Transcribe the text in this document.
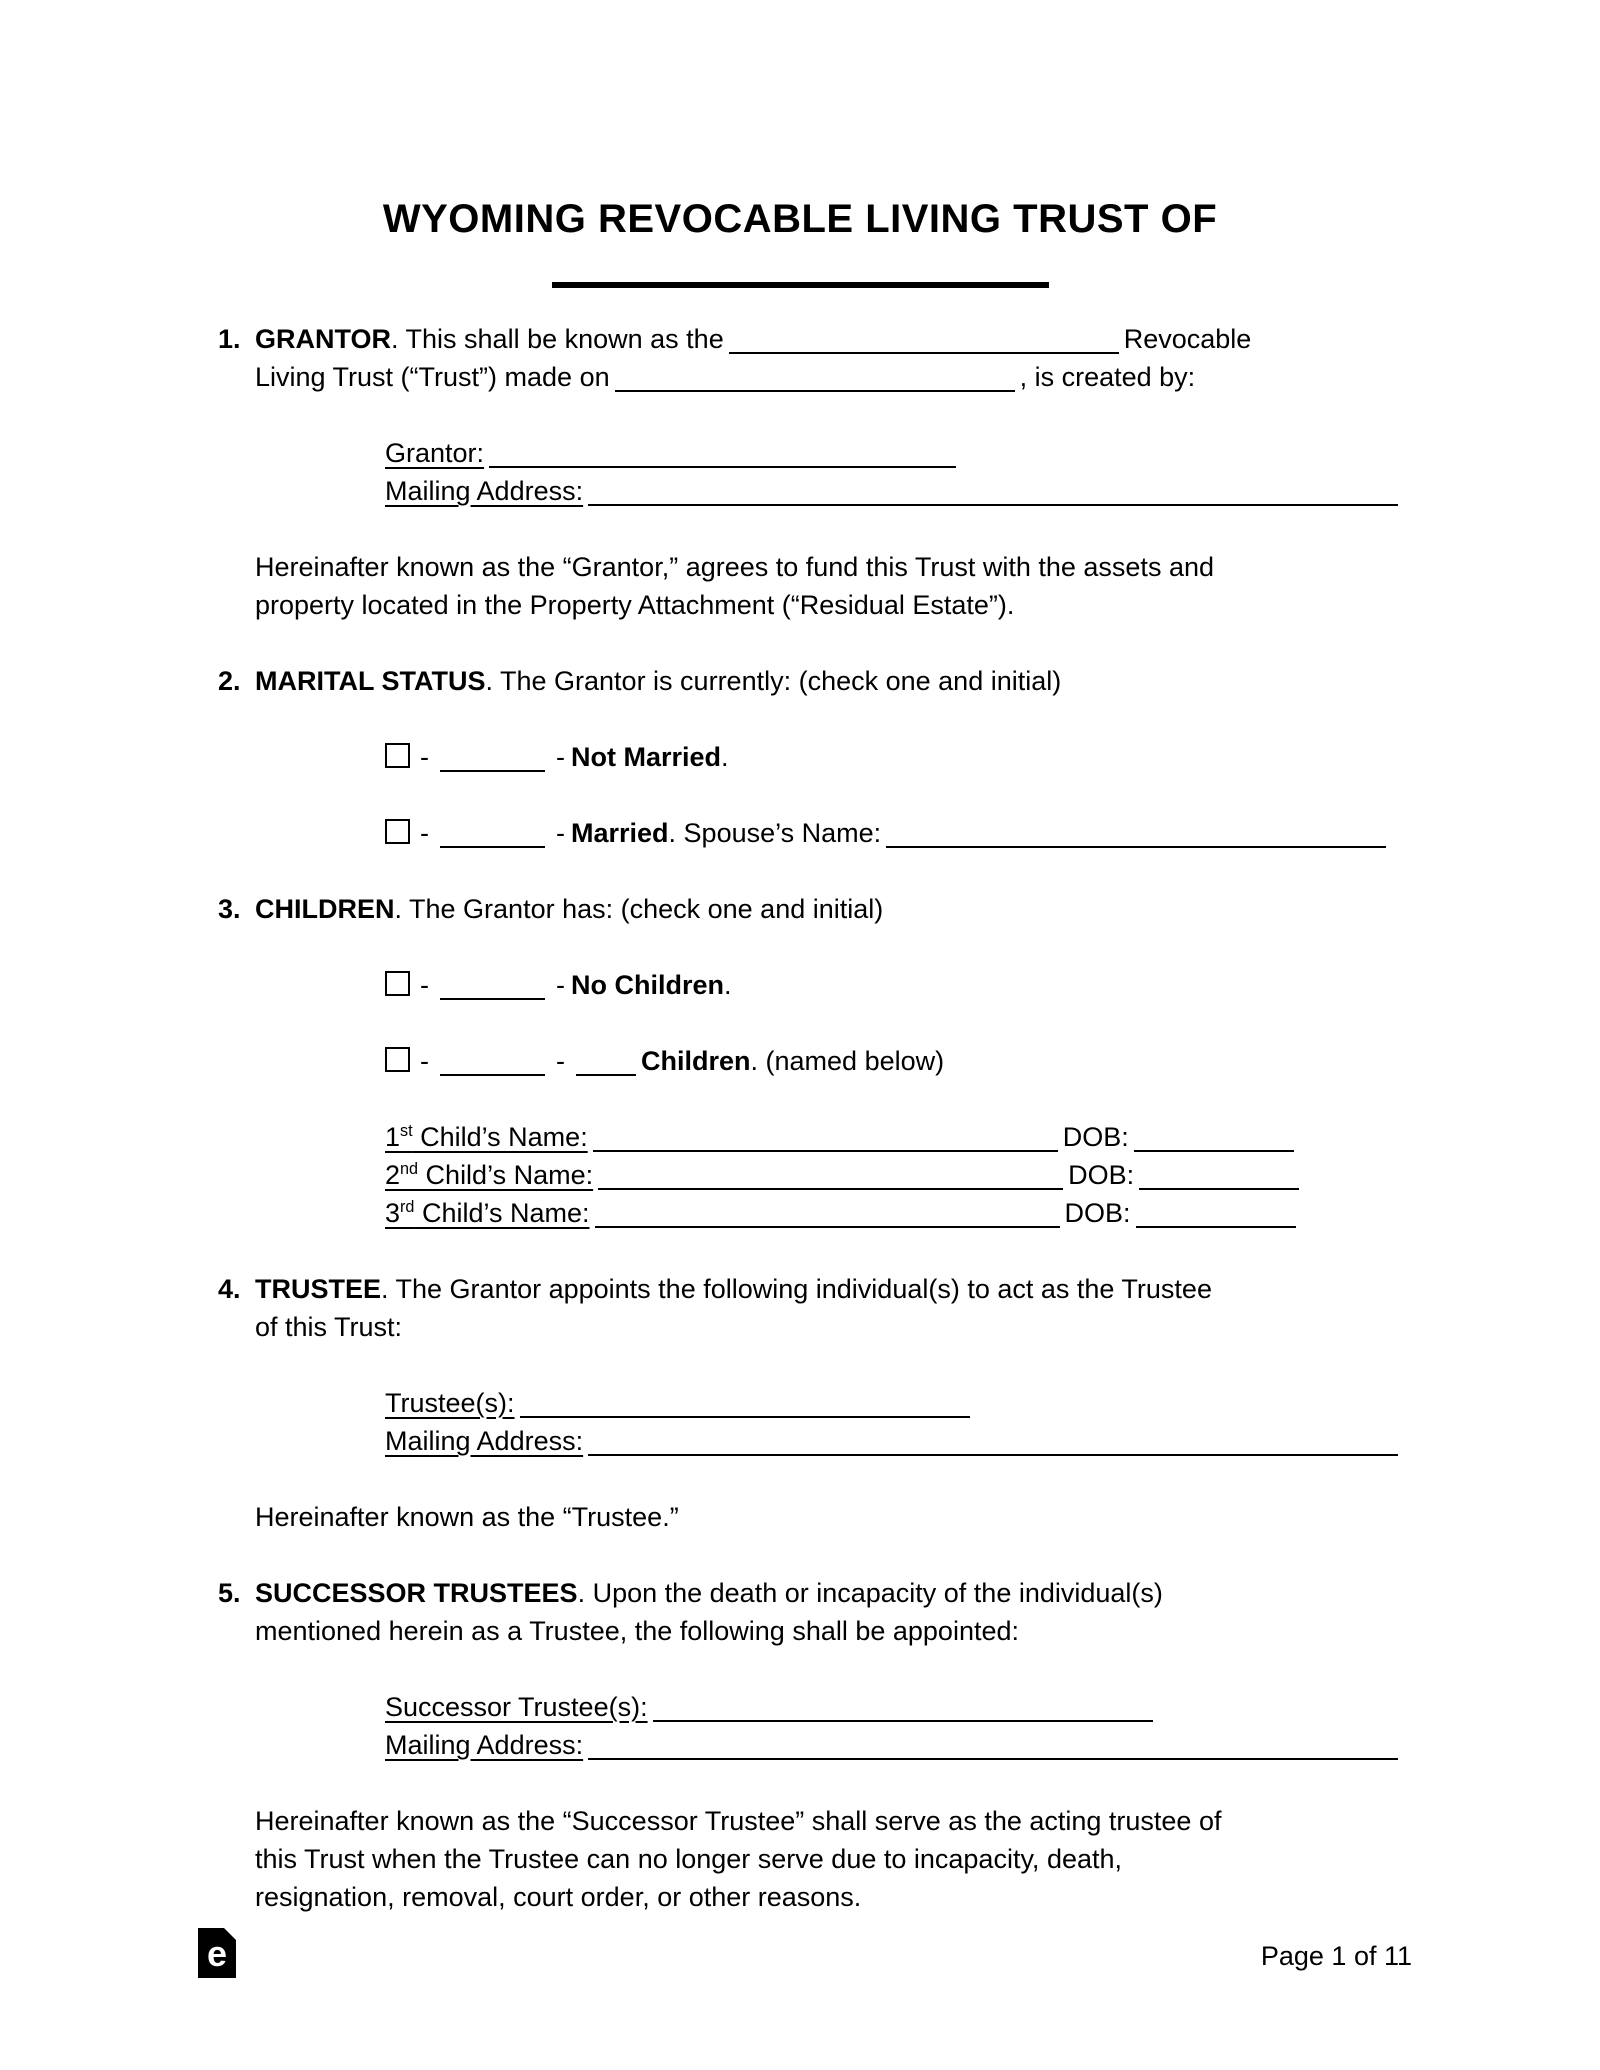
WYOMING REVOCABLE LIVING TRUST OF
1. GRANTOR. This shall be known as the	Revocable
Living Trust (“Trust”) made on	, is created by:
Grantor:
Mailing Address:
Hereinafter known as the “Grantor,” agrees to fund this Trust with the assets and
property located in the Property Attachment (“Residual Estate”).
2. MARITAL STATUS. The Grantor is currently: (check one and initial)
-	- Not Married.
-	- Married. Spouse’s Name:
3. CHILDREN. The Grantor has: (check one and initial)
-	- No Children.
-	-	Children. (named below)
1st Child’s Name:	DOB:
2nd Child’s Name:	DOB:
3rd Child’s Name:	DOB:
4. TRUSTEE. The Grantor appoints the following individual(s) to act as the Trustee
of this Trust:
Trustee(s):
Mailing Address:
Hereinafter known as the “Trustee.”
5. SUCCESSOR TRUSTEES. Upon the death or incapacity of the individual(s)
mentioned herein as a Trustee, the following shall be appointed:
Successor Trustee(s):
Mailing Address:
Hereinafter known as the “Successor Trustee” shall serve as the acting trustee of
this Trust when the Trustee can no longer serve due to incapacity, death,
resignation, removal, court order, or other reasons.
e	Page 1 of 11
